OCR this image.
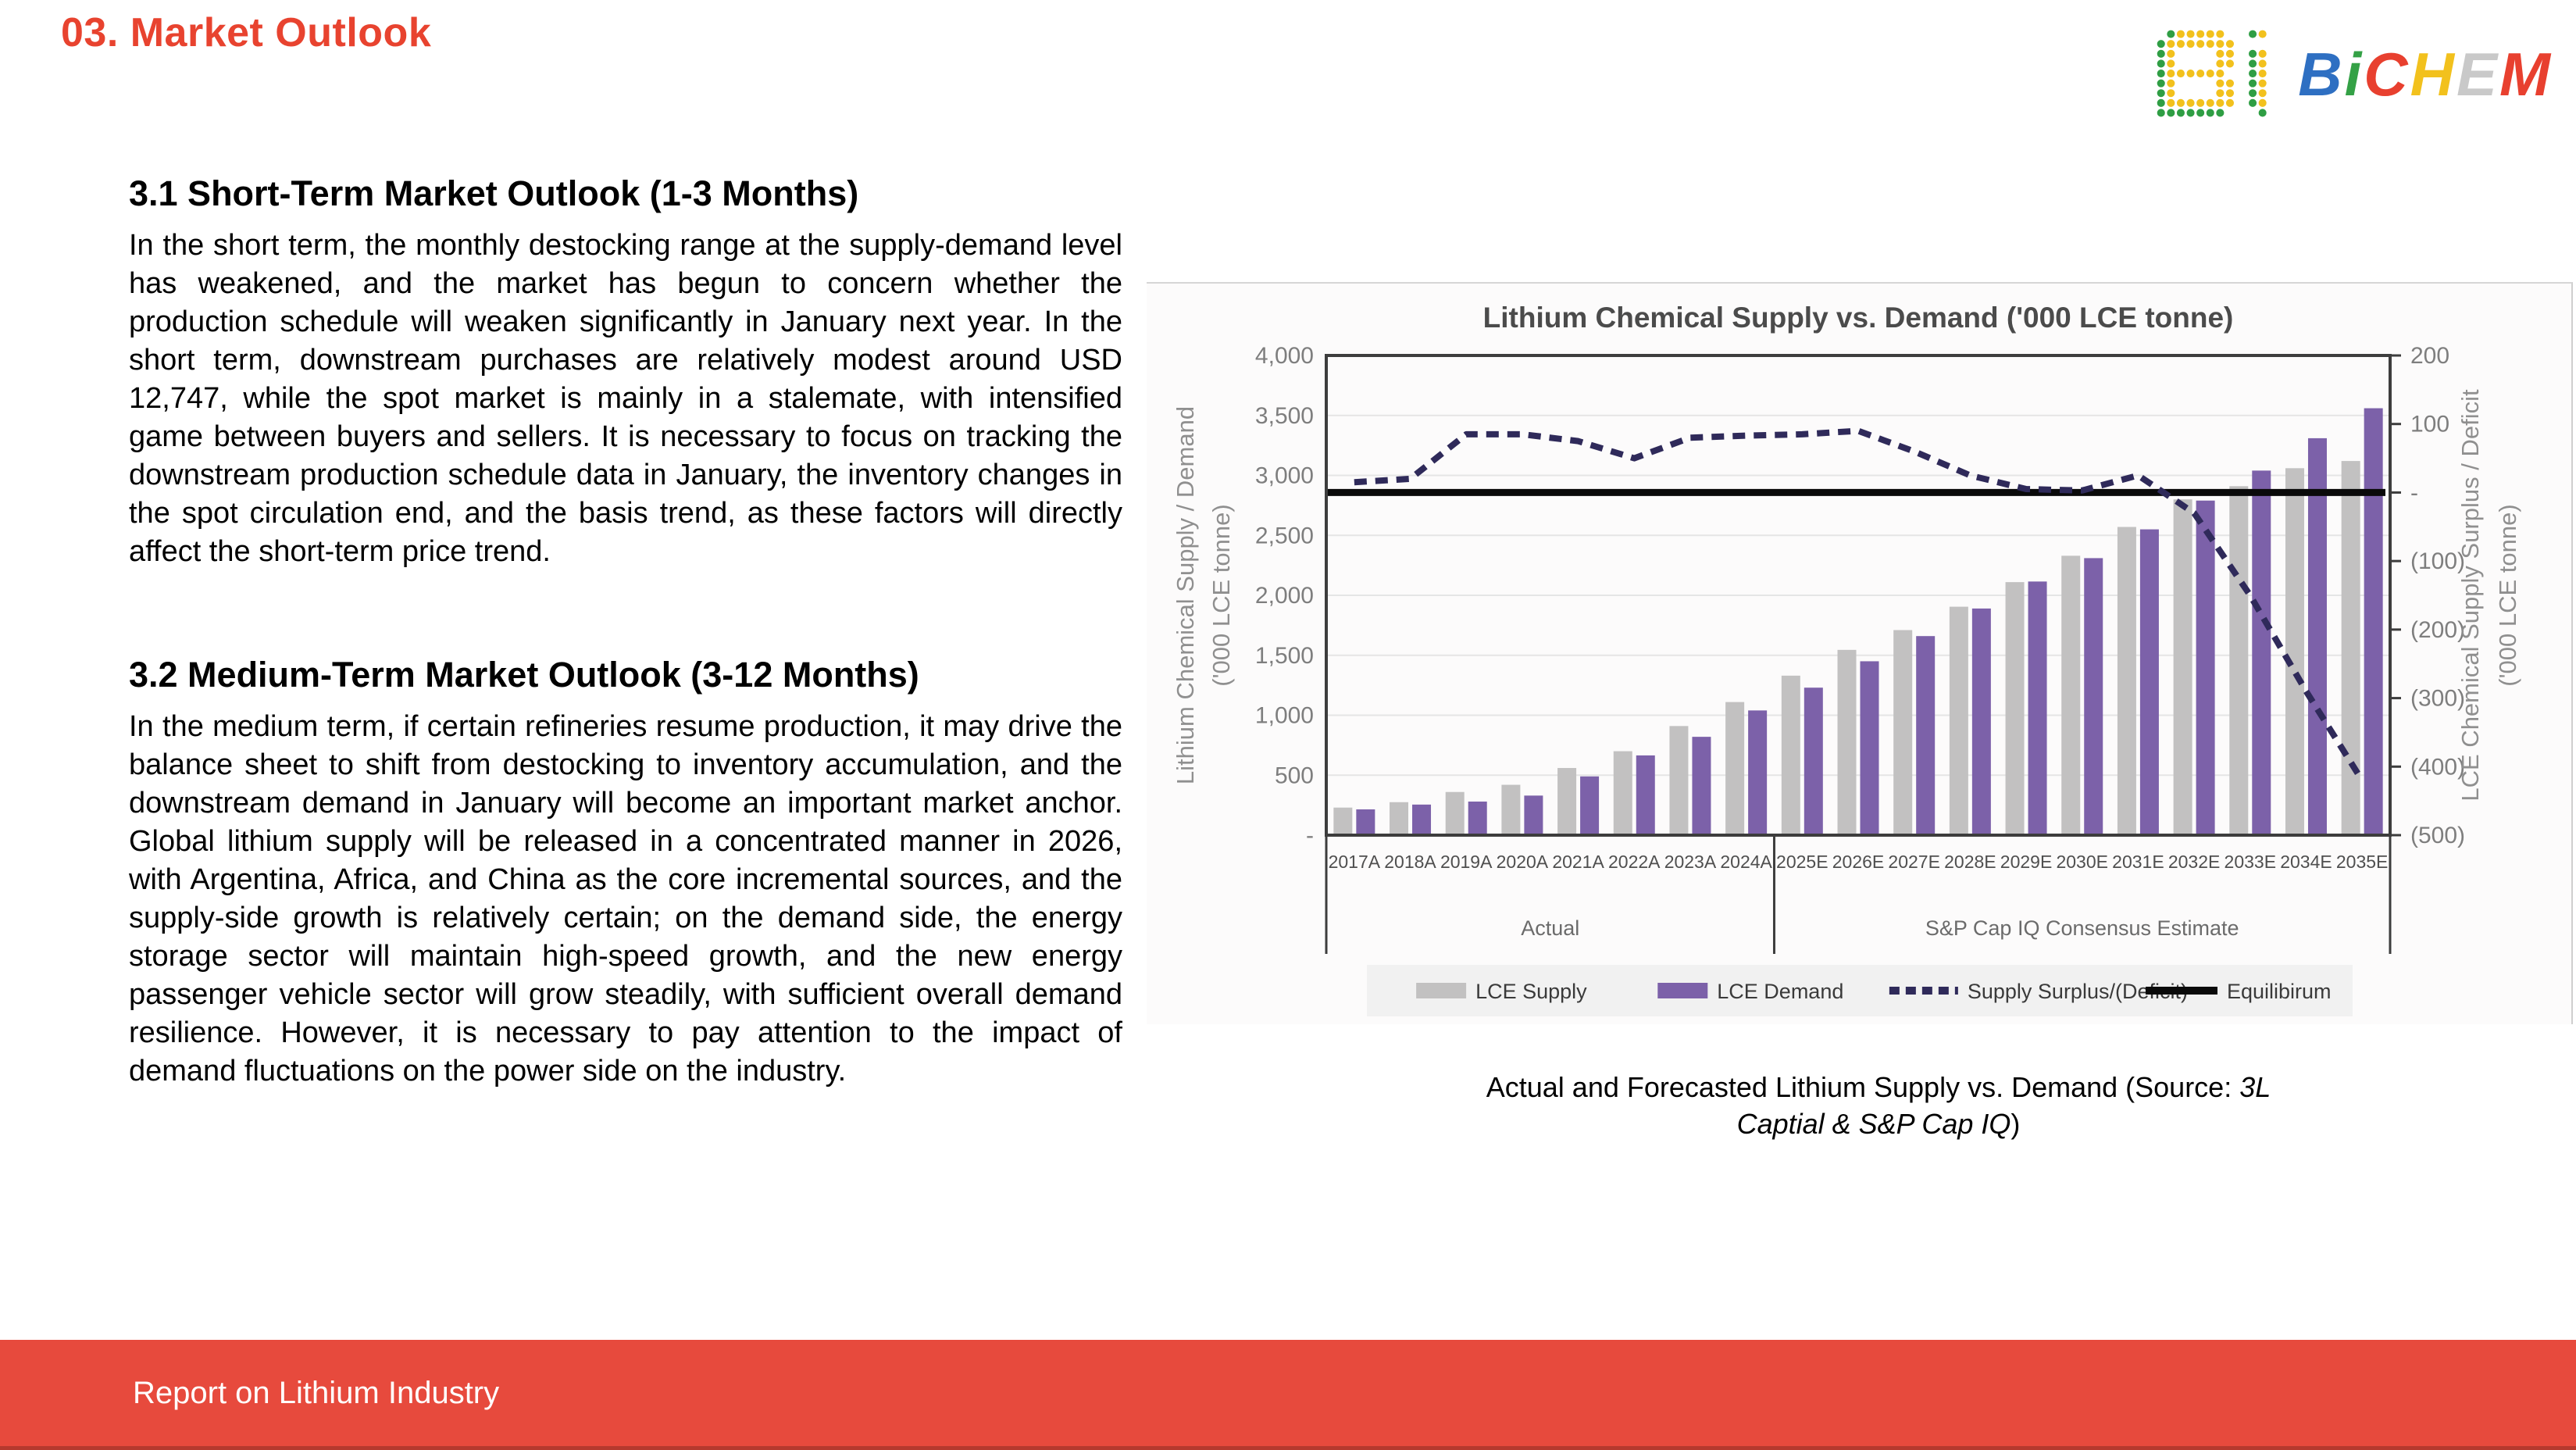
03. Market Outlook
BiCHEM
3.1 Short-Term Market Outlook (1-3 Months)

In the short term, the monthly destocking range at the supply-demand level has weakened, and the market has begun to concern whether the production schedule will weaken significantly in January next year. In the short term, downstream purchases are relatively modest around USD 12,747, while the spot market is mainly in a stalemate, with intensified game between buyers and sellers. It is necessary to focus on tracking the downstream production schedule data in January, the inventory changes in the spot circulation end, and the basis trend, as these factors will directly affect the short-term price trend.

3.2 Medium-Term Market Outlook (3-12 Months)

In the medium term, if certain refineries resume production, it may drive the balance sheet to shift from destocking to inventory accumulation, and the downstream demand in January will become an important market anchor. Global lithium supply will be released in a concentrated manner in 2026, with Argentina, Africa, and China as the core incremental sources, and the supply-side growth is relatively certain; on the demand side, the energy storage sector will maintain high-speed growth, and the new energy passenger vehicle sector will grow steadily, with sufficient overall demand resilience. However, it is necessary to pay attention to the impact of demand fluctuations on the power side on the industry.

4,000
3,500
3,000
2,500
2,000
1,500
1,000
500
-
200
100
-
(100)
(200)
(300)
(400)
(500)
2017A 2018A 2019A 2020A 2021A 2022A 2023A 2024A 2025E 2026E 2027E 2028E 2029E 2030E 2031E 2032E 2033E 2034E 2035E
Actual	S&P Cap IQ Consensus Estimate
Lithium Chemical Supply vs. Demand ('000 LCE tonne)
Lithium Chemical Supply / Demand ('000 LCE tonne)	LCE Chemical Supply Surplus / Deficit ('000 LCE tonne)
LCE Supply	LCE Demand	Supply Surplus/(Deficit) Equilibirum
Actual and Forecasted Lithium Supply vs. Demand (Source: 3L Captial & S&P Cap IQ)
Report on Lithium Industry
